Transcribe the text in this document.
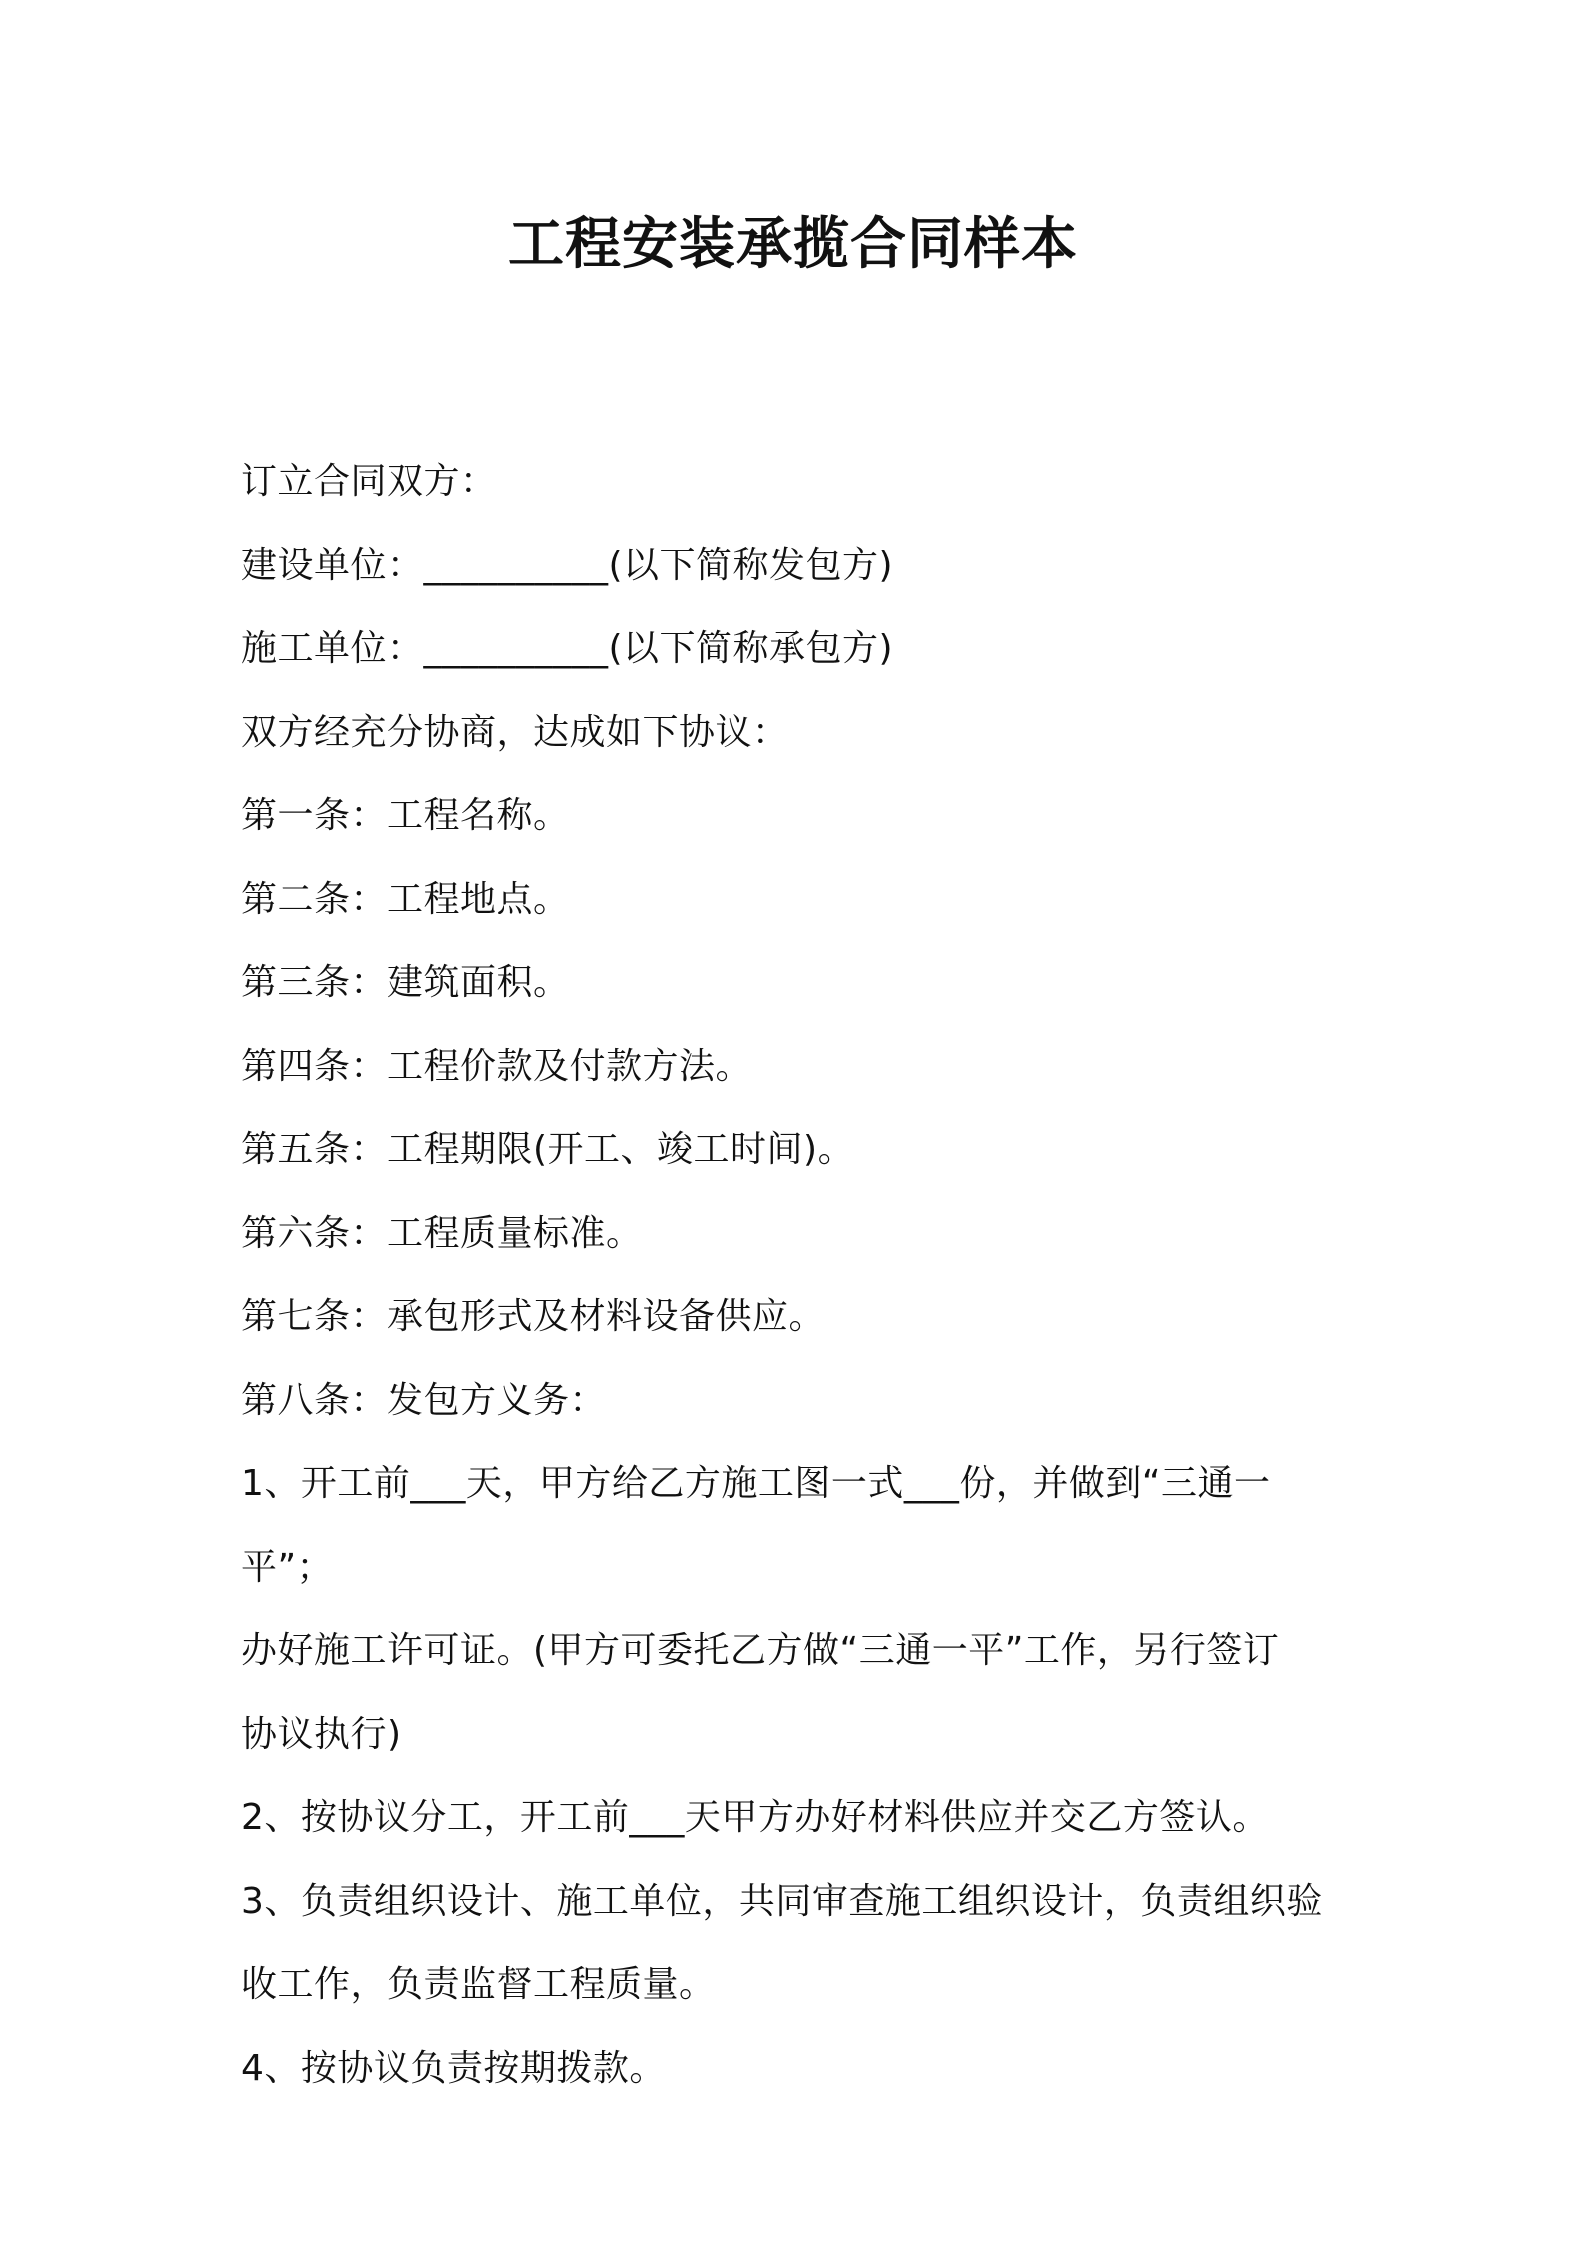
工程安装承揽合同样本

订立合同双方：

建设单位：__________(以下简称发包方)

施工单位：__________(以下简称承包方)

双方经充分协商，达成如下协议：

第一条：工程名称。

第二条：工程地点。

第三条：建筑面积。

第四条：工程价款及付款方法。

第五条：工程期限(开工、竣工时间)。

第六条：工程质量标准。

第七条：承包形式及材料设备供应。

第八条：发包方义务：

1、开工前___天，甲方给乙方施工图一式___份，并做到“三通一平”；

办好施工许可证。(甲方可委托乙方做“三通一平”工作，另行签订

协议执行)

2、按协议分工，开工前___天甲方办好材料供应并交乙方签认。

3、负责组织设计、施工单位，共同审查施工组织设计，负责组织验

收工作，负责监督工程质量。

4、按协议负责按期拨款。
